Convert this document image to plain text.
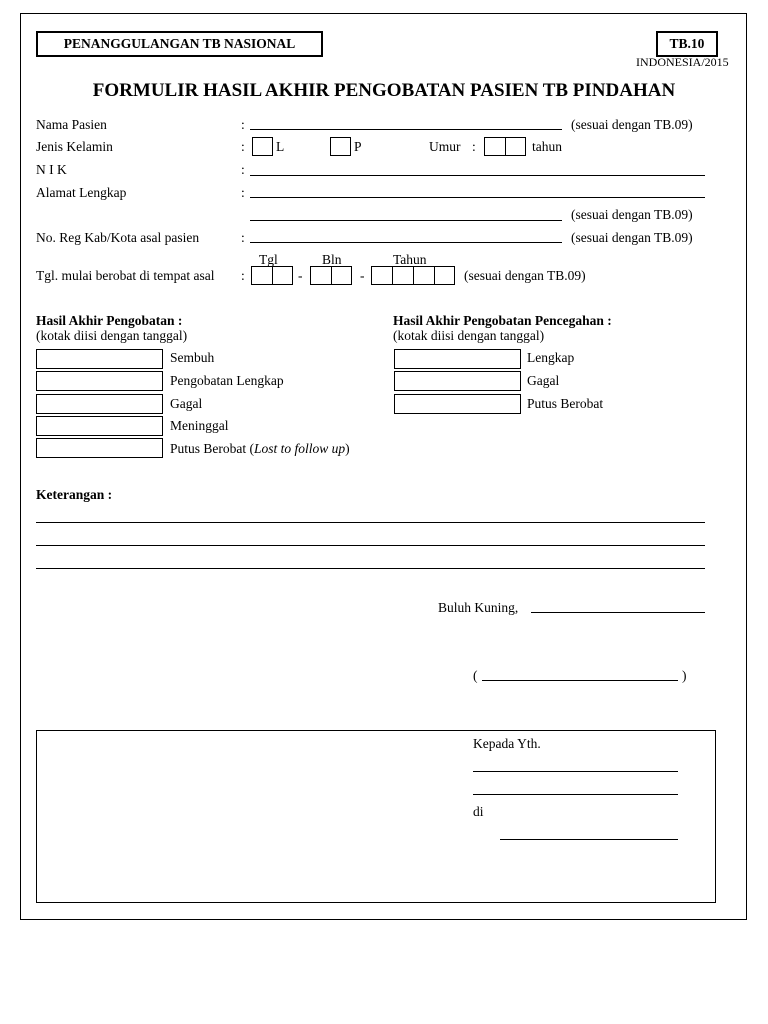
PENANGGULANGAN TB NASIONAL	TB.10
INDONESIA/2015
FORMULIR HASIL AKHIR PENGOBATAN PASIEN TB PINDAHAN
Nama Pasien	:	(sesuai dengan TB.09)
Jenis Kelamin	: L	P	Umur :	tahun
N I K	:
Alamat Lengkap	:
(sesuai dengan TB.09)
No. Reg Kab/Kota asal pasien	:	(sesuai dengan TB.09)
Tgl	Bln	Tahun
Tgl. mulai berobat di tempat asal :	-	-	(sesuai dengan TB.09)
Hasil Akhir Pengobatan :
(kotak diisi dengan tanggal)
Sembuh
Pengobatan Lengkap
Gagal
Meninggal
Putus Berobat (Lost to follow up)
Hasil Akhir Pengobatan Pencegahan :
(kotak diisi dengan tanggal)
Lengkap
Gagal
Putus Berobat
Keterangan :
Buluh Kuning,
(	)
Kepada Yth.
di
